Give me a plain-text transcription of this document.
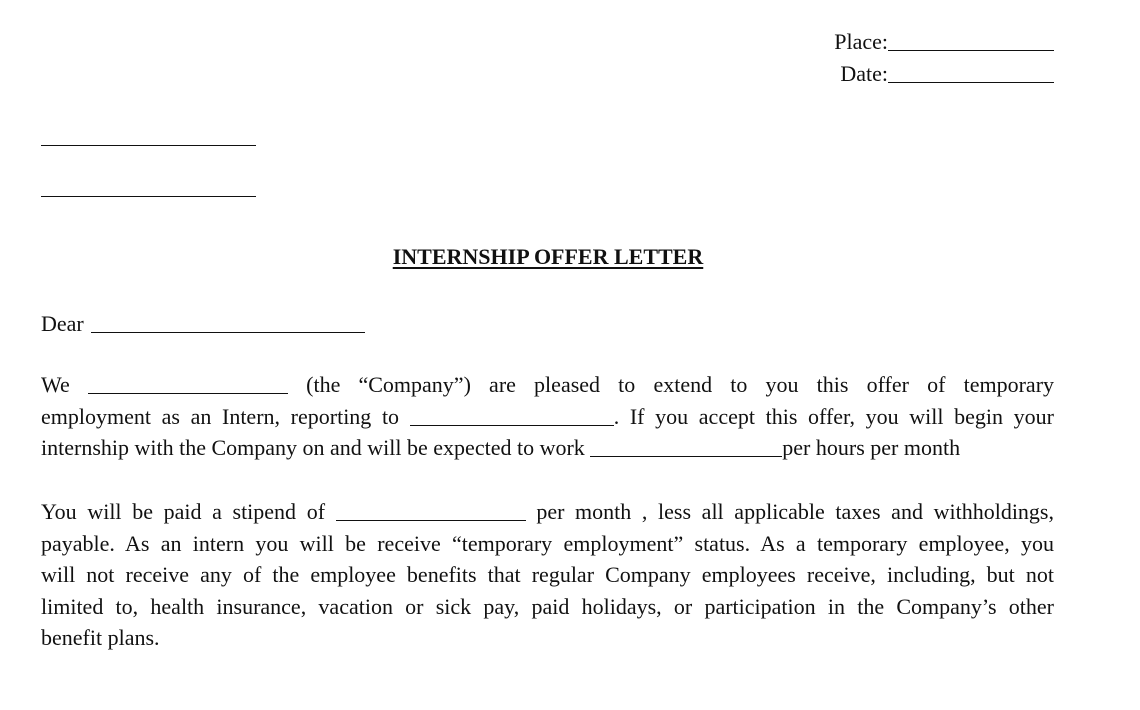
Place:
Date:
INTERNSHIP OFFER LETTER
Dear
We	(the “Company”) are pleased to extend to you this offer of temporary
employment as an Intern, reporting to	. If you accept this offer, you will begin your
internship with the Company on and will be expected to work	per hours per month
You will be paid a stipend of	per month , less all applicable taxes and withholdings,
payable. As an intern you will be receive “temporary employment” status. As a temporary employee, you
will not receive any of the employee benefits that regular Company employees receive, including, but not
limited to, health insurance, vacation or sick pay, paid holidays, or participation in the Company’s other
benefit plans.
